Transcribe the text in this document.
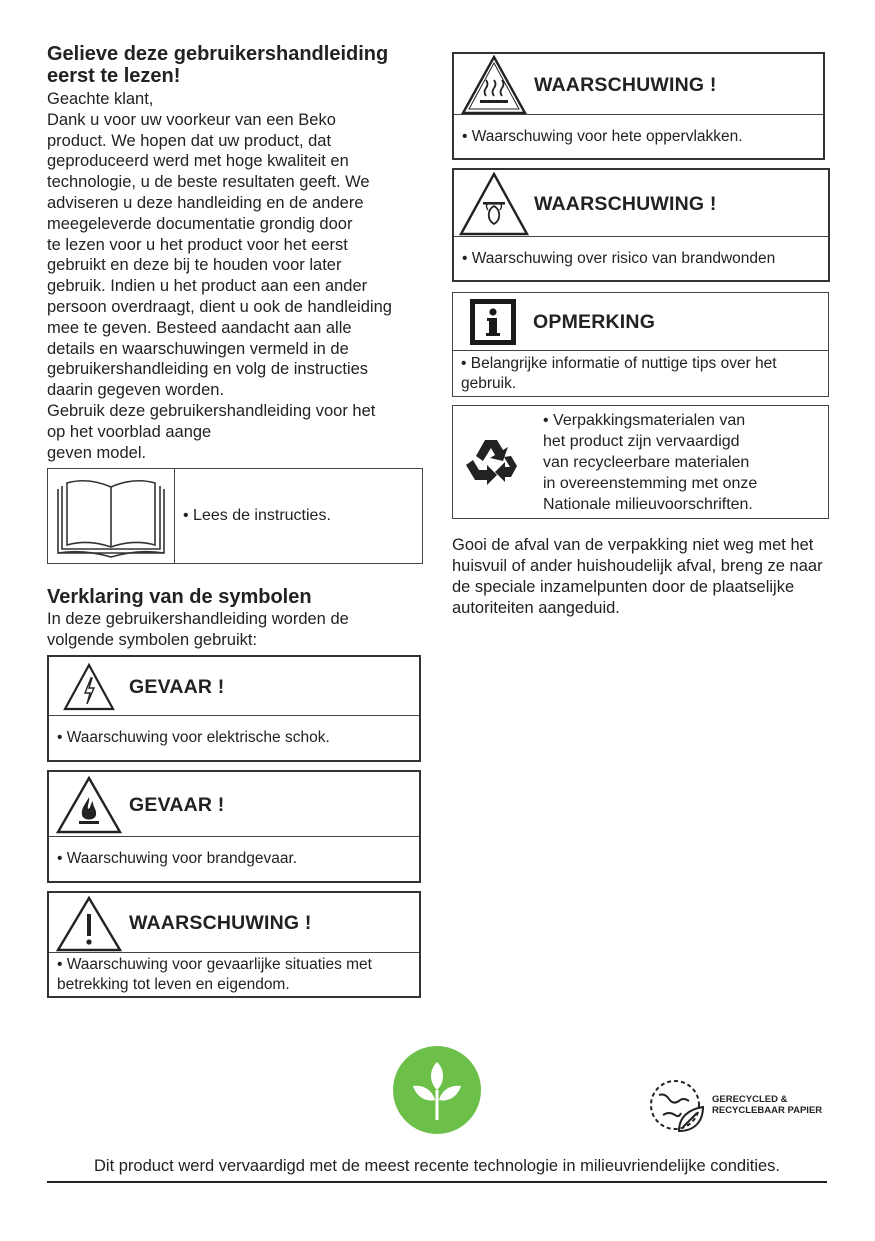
Gelieve deze gebruikershandleiding eerst te lezen!
Geachte klant,
Dank u voor uw voorkeur van een Beko
product. We hopen dat uw product, dat
geproduceerd werd met hoge kwaliteit en
technologie, u de beste resultaten geeft. We
adviseren u deze handleiding en de andere
meegeleverde documentatie grondig door
te lezen voor u het product voor het eerst
gebruikt en deze bij te houden voor later
gebruik. Indien u het product aan een ander
persoon overdraagt, dient u ook de handleiding
mee te geven. Besteed aandacht aan alle
details en waarschuwingen vermeld in de
gebruikershandleiding en volg de instructies
daarin gegeven worden.
Gebruik deze gebruikershandleiding voor het
op het voorblad aange
geven model.
• Lees de instructies.
Verklaring van de symbolen
In deze gebruikershandleiding worden de
volgende symbolen gebruikt:
GEVAAR !
• Waarschuwing voor elektrische schok.
GEVAAR !
• Waarschuwing voor brandgevaar.
WAARSCHUWING !
• Waarschuwing voor gevaarlijke situaties met betrekking tot leven en eigendom.
WAARSCHUWING !
• Waarschuwing voor hete oppervlakken.
WAARSCHUWING !
• Waarschuwing over risico van brandwonden
OPMERKING
• Belangrijke informatie of nuttige tips over het gebruik.
• Verpakkingsmaterialen van
het product zijn vervaardigd
van recycleerbare materialen
in overeenstemming met onze
Nationale milieuvoorschriften.
Gooi de afval van de verpakking niet weg met het huisvuil of ander huishoudelijk afval, breng ze naar de speciale inzamelpunten door de plaatselijke autoriteiten aangeduid.
GERECYCLED &
RECYCLEBAAR PAPIER
Dit product werd vervaardigd met de meest recente technologie in milieuvriendelijke condities.
